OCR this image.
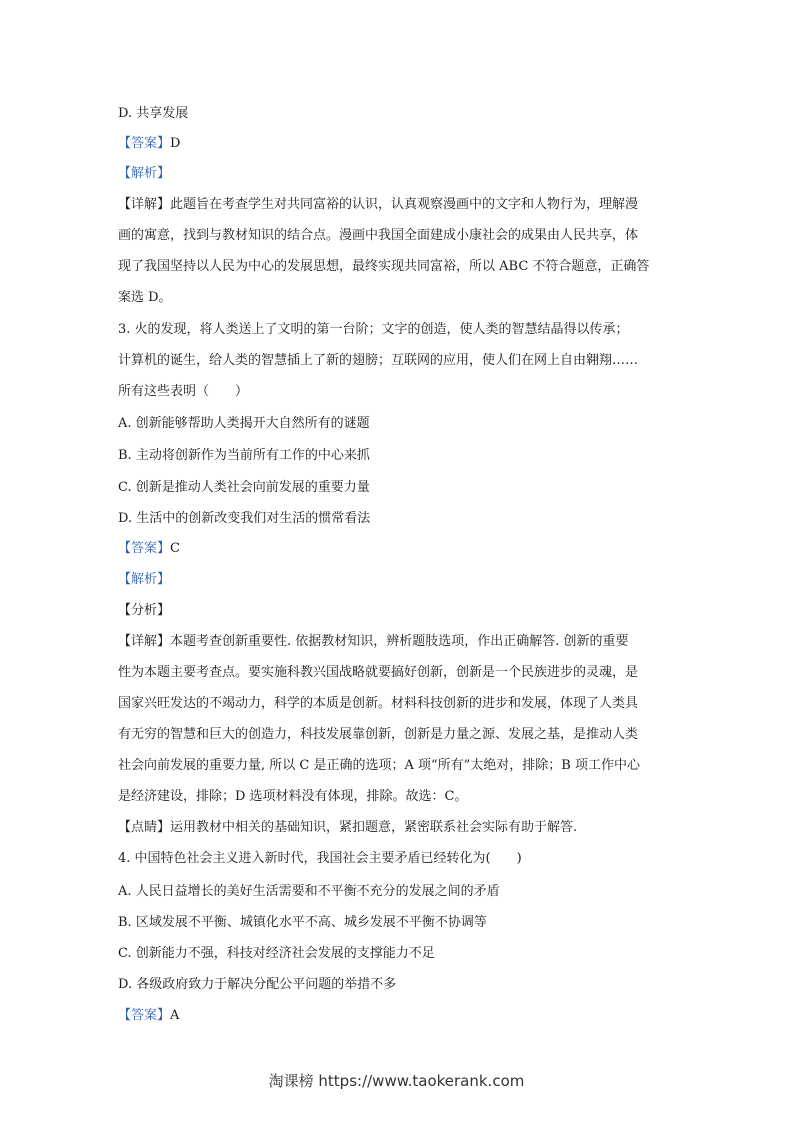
D. 共享发展
【答案】D
【解析】
【详解】此题旨在考查学生对共同富裕的认识，认真观察漫画中的文字和人物行为，理解漫
画的寓意，找到与教材知识的结合点。漫画中我国全面建成小康社会的成果由人民共享，体
现了我国坚持以人民为中心的发展思想，最终实现共同富裕，所以 ABC 不符合题意，正确答
案选 D。
3. 火的发现，将人类送上了文明的第一台阶；文字的创造，使人类的智慧结晶得以传承；
计算机的诞生，给人类的智慧插上了新的翅膀；互联网的应用，使人们在网上自由翱翔……
所有这些表明（　　）
A. 创新能够帮助人类揭开大自然所有的谜题
B. 主动将创新作为当前所有工作的中心来抓
C. 创新是推动人类社会向前发展的重要力量
D. 生活中的创新改变我们对生活的惯常看法
【答案】C
【解析】
【分析】
【详解】本题考查创新重要性. 依据教材知识，辨析题肢选项，作出正确解答. 创新的重要
性为本题主要考查点。要实施科教兴国战略就要搞好创新，创新是一个民族进步的灵魂，是
国家兴旺发达的不竭动力，科学的本质是创新。材料科技创新的进步和发展，体现了人类具
有无穷的智慧和巨大的创造力，科技发展靠创新，创新是力量之源、发展之基，是推动人类
社会向前发展的重要力量, 所以 C 是正确的选项；A 项“所有”太绝对，排除；B 项工作中心
是经济建设，排除；D 选项材料没有体现，排除。故选：C。
【点睛】运用教材中相关的基础知识，紧扣题意，紧密联系社会实际有助于解答.
4. 中国特色社会主义进入新时代，我国社会主要矛盾已经转化为(　　)
A. 人民日益增长的美好生活需要和不平衡不充分的发展之间的矛盾
B. 区域发展不平衡、城镇化水平不高、城乡发展不平衡不协调等
C. 创新能力不强，科技对经济社会发展的支撑能力不足
D. 各级政府致力于解决分配公平问题的举措不多
【答案】A
淘课榜 https://www.taokerank.com
